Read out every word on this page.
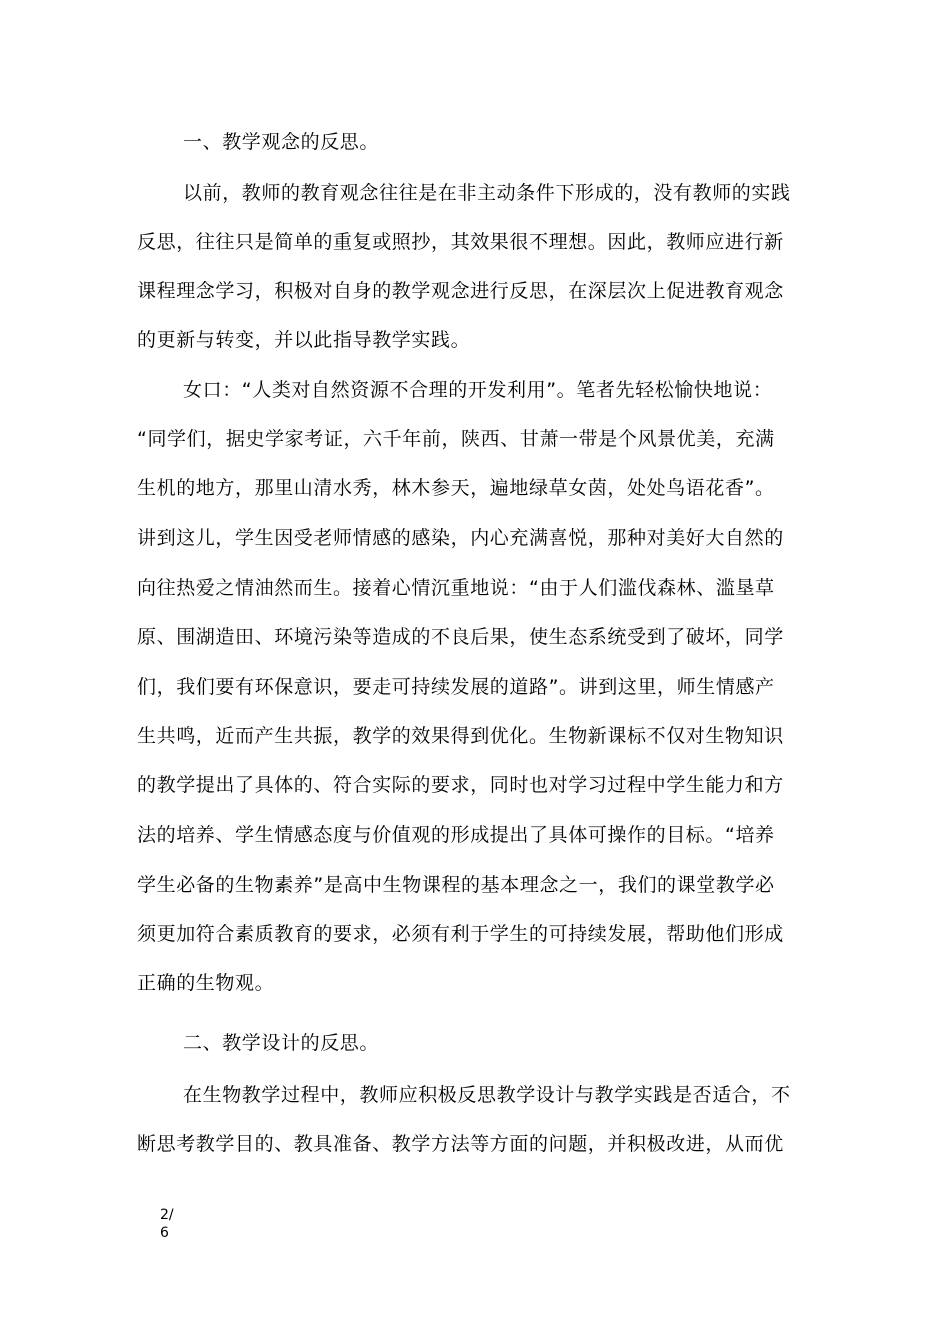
一、教学观念的反思。
以前，教师的教育观念往往是在非主动条件下形成的，没有教师的实践
反思，往往只是简单的重复或照抄，其效果很不理想。因此，教师应进行新
课程理念学习，积极对自身的教学观念进行反思，在深层次上促进教育观念
的更新与转变，并以此指导教学实践。
女口：“人类对自然资源不合理的开发利用”。笔者先轻松愉快地说：
“同学们，据史学家考证，六千年前，陕西、甘萧一带是个风景优美，充满
生机的地方，那里山清水秀，林木参天，遍地绿草女茵，处处鸟语花香”。
讲到这儿，学生因受老师情感的感染，内心充满喜悦，那种对美好大自然的
向往热爱之情油然而生。接着心情沉重地说：“由于人们滥伐森林、滥垦草
原、围湖造田、环境污染等造成的不良后果，使生态系统受到了破坏，同学
们，我们要有环保意识，要走可持续发展的道路”。讲到这里，师生情感产
生共鸣，近而产生共振，教学的效果得到优化。生物新课标不仅对生物知识
的教学提出了具体的、符合实际的要求，同时也对学习过程中学生能力和方
法的培养、学生情感态度与价值观的形成提出了具体可操作的目标。“培养
学生必备的生物素养”是高中生物课程的基本理念之一，我们的课堂教学必
须更加符合素质教育的要求，必须有利于学生的可持续发展，帮助他们形成
正确的生物观。
二、教学设计的反思。
在生物教学过程中，教师应积极反思教学设计与教学实践是否适合，不
断思考教学目的、教具准备、教学方法等方面的问题，并积极改进，从而优
2/
6
